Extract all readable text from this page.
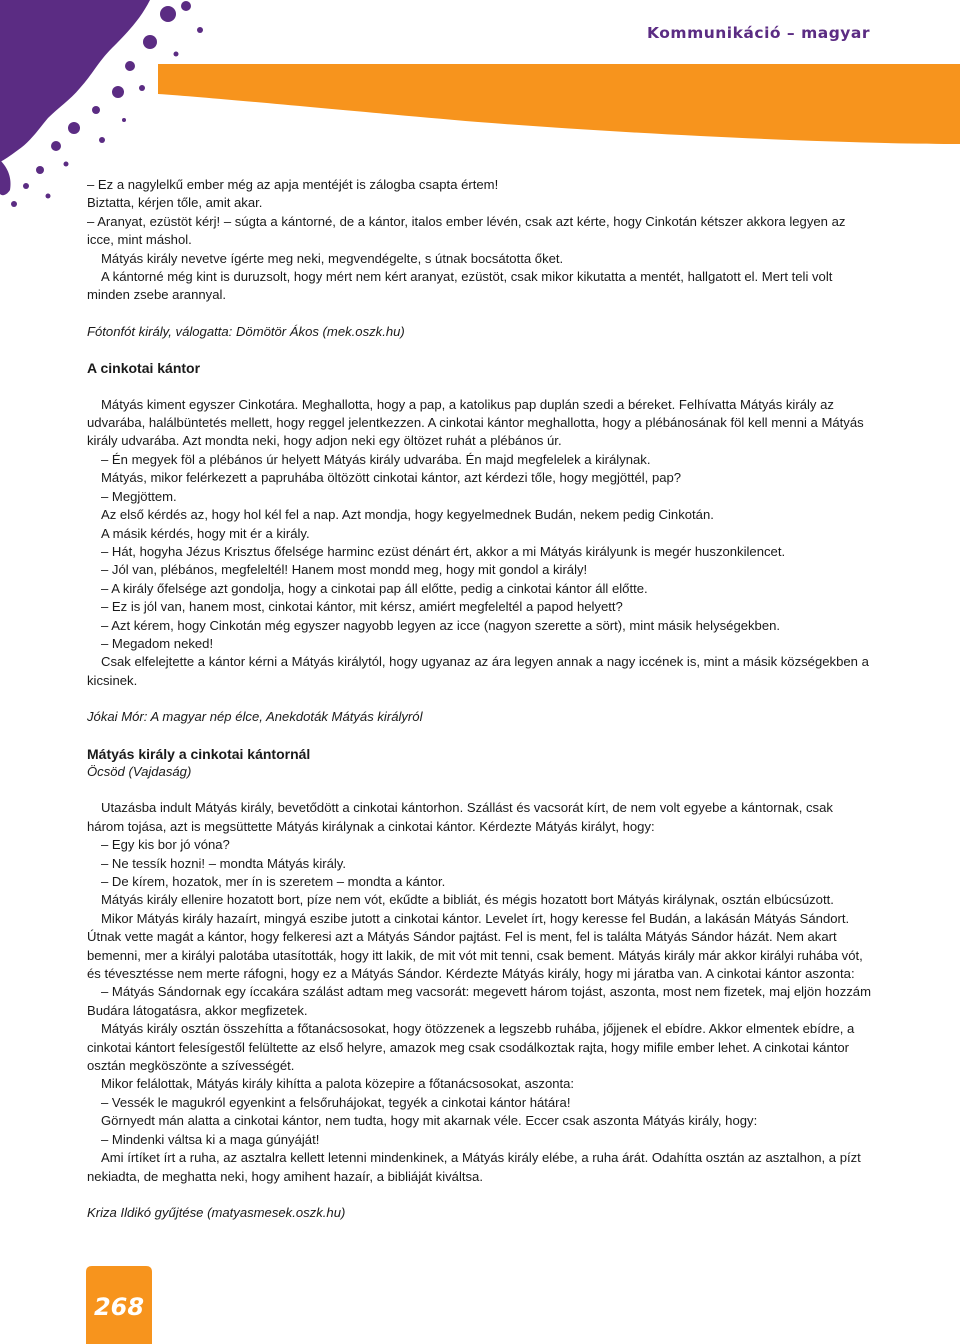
Kommunikáció – magyar

– Ez a nagylelkű ember még az apja mentéjét is zálogba csapta értem!

Biztatta, kérjen tőle, amit akar.

– Aranyat, ezüstöt kérj! – súgta a kántorné, de a kántor, italos ember lévén, csak azt kérte, hogy Cinkotán kétszer akkora legyen az icce, mint máshol.

Mátyás király nevetve ígérte meg neki, megvendégelte, s útnak bocsátotta őket.

A kántorné még kint is duruzsolt, hogy mért nem kért aranyat, ezüstöt, csak mikor kikutatta a mentét, hallgatott el. Mert teli volt minden zsebe arannyal.

Fótonfót király, válogatta: Dömötör Ákos (mek.oszk.hu)

A cinkotai kántor

Mátyás kiment egyszer Cinkotára. Meghallotta, hogy a pap, a katolikus pap duplán szedi a béreket. Felhívatta Mátyás király az udvarába, halálbüntetés mellett, hogy reggel jelentkezzen. A cinkotai kántor meghallotta, hogy a plébánosának föl kell menni a Mátyás király udvarába. Azt mondta neki, hogy adjon neki egy öltözet ruhát a plébános úr.

– Én megyek föl a plébános úr helyett Mátyás király udvarába. Én majd megfelelek a királynak.

Mátyás, mikor felérkezett a papruhába öltözött cinkotai kántor, azt kérdezi tőle, hogy megjöttél, pap?

– Megjöttem.

Az első kérdés az, hogy hol kél fel a nap. Azt mondja, hogy kegyelmednek Budán, nekem pedig Cinkotán.

A másik kérdés, hogy mit ér a király.

– Hát, hogyha Jézus Krisztus őfelsége harminc ezüst dénárt ért, akkor a mi Mátyás királyunk is megér huszonkilencet.

– Jól van, plébános, megfeleltél! Hanem most mondd meg, hogy mit gondol a király!

– A király őfelsége azt gondolja, hogy a cinkotai pap áll előtte, pedig a cinkotai kántor áll előtte.

– Ez is jól van, hanem most, cinkotai kántor, mit kérsz, amiért megfeleltél a papod helyett?

– Azt kérem, hogy Cinkotán még egyszer nagyobb legyen az icce (nagyon szerette a sört), mint másik helységekben.

– Megadom neked!

Csak elfelejtette a kántor kérni a Mátyás királytól, hogy ugyanaz az ára legyen annak a nagy iccének is, mint a másik községekben a kicsinek.

Jókai Mór: A magyar nép élce, Anekdoták Mátyás királyról

Mátyás király a cinkotai kántornál

Öcsöd (Vajdaság)

Utazásba indult Mátyás király, bevetődött a cinkotai kántorhon. Szállást és vacsorát kírt, de nem volt egyebe a kántornak, csak három tojása, azt is megsüttette Mátyás királynak a cinkotai kántor. Kérdezte Mátyás királyt, hogy:

– Egy kis bor jó vóna?

– Ne tessík hozni! – mondta Mátyás király.

– De kírem, hozatok, mer ín is szeretem – mondta a kántor.

Mátyás király ellenire hozatott bort, píze nem vót, ekűdte a bibliát, és mégis hozatott bort Mátyás királynak, osztán elbúcsúzott.

Mikor Mátyás király hazaírt, mingyá eszibe jutott a cinkotai kántor. Levelet írt, hogy keresse fel Budán, a lakásán Mátyás Sándort. Útnak vette magát a kántor, hogy felkeresi azt a Mátyás Sándor pajtást. Fel is ment, fel is találta Mátyás Sándor házát. Nem akart bemenni, mer a királyi palotába utasították, hogy itt lakik, de mit vót mit tenni, csak bement. Mátyás király már akkor királyi ruhába vót, és tévesztésse nem merte ráfogni, hogy ez a Mátyás Sándor. Kérdezte Mátyás király, hogy mi járatba van. A cinkotai kántor aszonta:

– Mátyás Sándornak egy íccakára szálást adtam meg vacsorát: megevett három tojást, aszonta, most nem fizetek, maj eljön hozzám Budára látogatásra, akkor megfizetek.

Mátyás király osztán összehítta a főtanácsosokat, hogy ötözzenek a legszebb ruhába, jőjjenek el ebídre. Akkor elmentek ebídre, a cinkotai kántort felesígestől felültette az első helyre, amazok meg csak csodálkoztak rajta, hogy mifile ember lehet. A cinkotai kántor osztán megköszönte a szívességét.

Mikor felálottak, Mátyás király kihítta a palota közepire a főtanácsosokat, aszonta:

– Vessék le magukról egyenkint a felsőruhájokat, tegyék a cinkotai kántor hátára!

Görnyedt mán alatta a cinkotai kántor, nem tudta, hogy mit akarnak véle. Eccer csak aszonta Mátyás király, hogy:

– Mindenki váltsa ki a maga gúnyáját!

Ami írtíket írt a ruha, az asztalra kellett letenni mindenkinek, a Mátyás király elébe, a ruha árát. Odahítta osztán az asztalhon, a pízt nekiadta, de meghatta neki, hogy amihent hazaír, a bibliáját kiváltsa.

Kriza Ildikó gyűjtése (matyasmesek.oszk.hu)

268
